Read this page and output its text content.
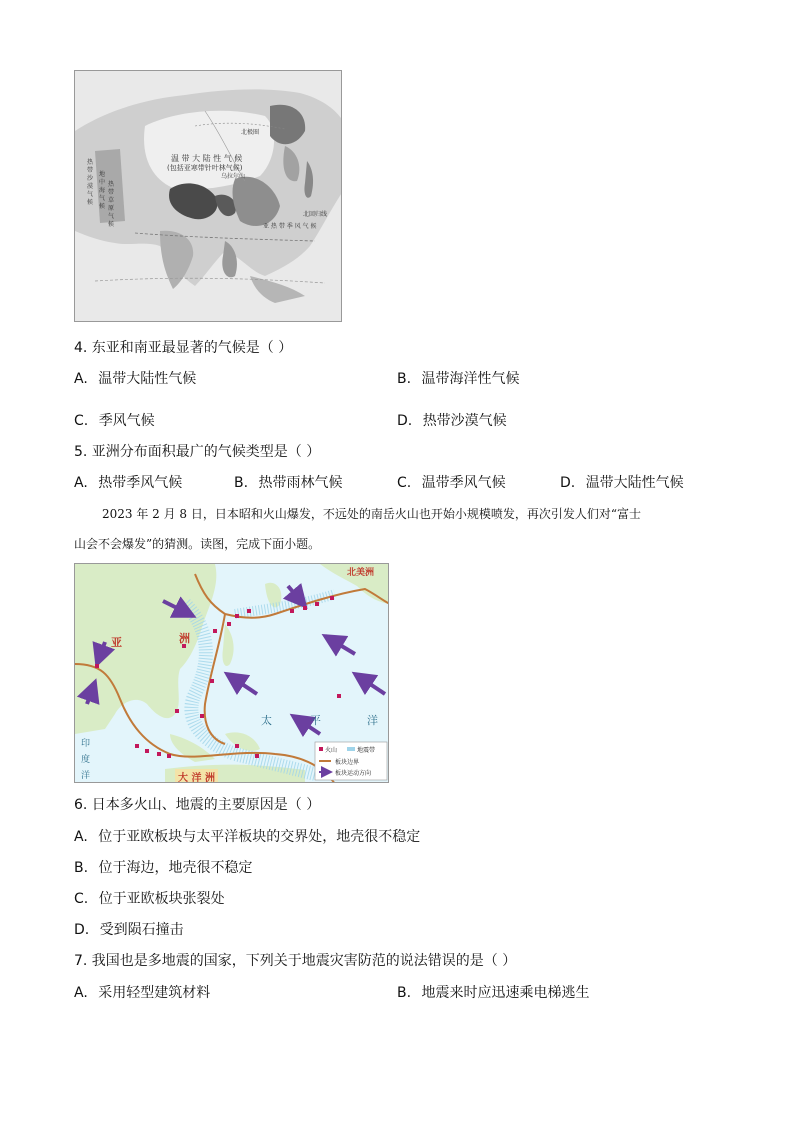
温 带 大 陆 性 气 候
(包括亚寒带针叶林气候)
乌拉尔山
北极圈
亚 热 带 季 风 气 候
北回归线
热带沙漠气候
地中海气候
热带草原气候
4. 东亚和南亚最显著的气候是（ ）
A. 温带大陆性气候	B. 温带海洋性气候
C. 季风气候	D. 热带沙漠气候
5. 亚洲分布面积最广的气候类型是（ ）
A. 热带季风气候	B. 热带雨林气候	C. 温带季风气候	D. 温带大陆性气候
2023 年 2 月 8 日，日本昭和火山爆发，不远处的南岳火山也开始小规模喷发，再次引发人们对“富士
山会不会爆发”的猜测。读图，完成下面小题。
北美洲
亚	洲
太	平	洋
印
度
洋	大 洋 洲
火山	地震带
板块边界
板块运动方向
6. 日本多火山、地震的主要原因是（ ）
A. 位于亚欧板块与太平洋板块的交界处，地壳很不稳定
B. 位于海边，地壳很不稳定
C. 位于亚欧板块张裂处
D. 受到陨石撞击
7. 我国也是多地震的国家，下列关于地震灾害防范的说法错误的是（ ）
A. 采用轻型建筑材料	B. 地震来时应迅速乘电梯逃生
